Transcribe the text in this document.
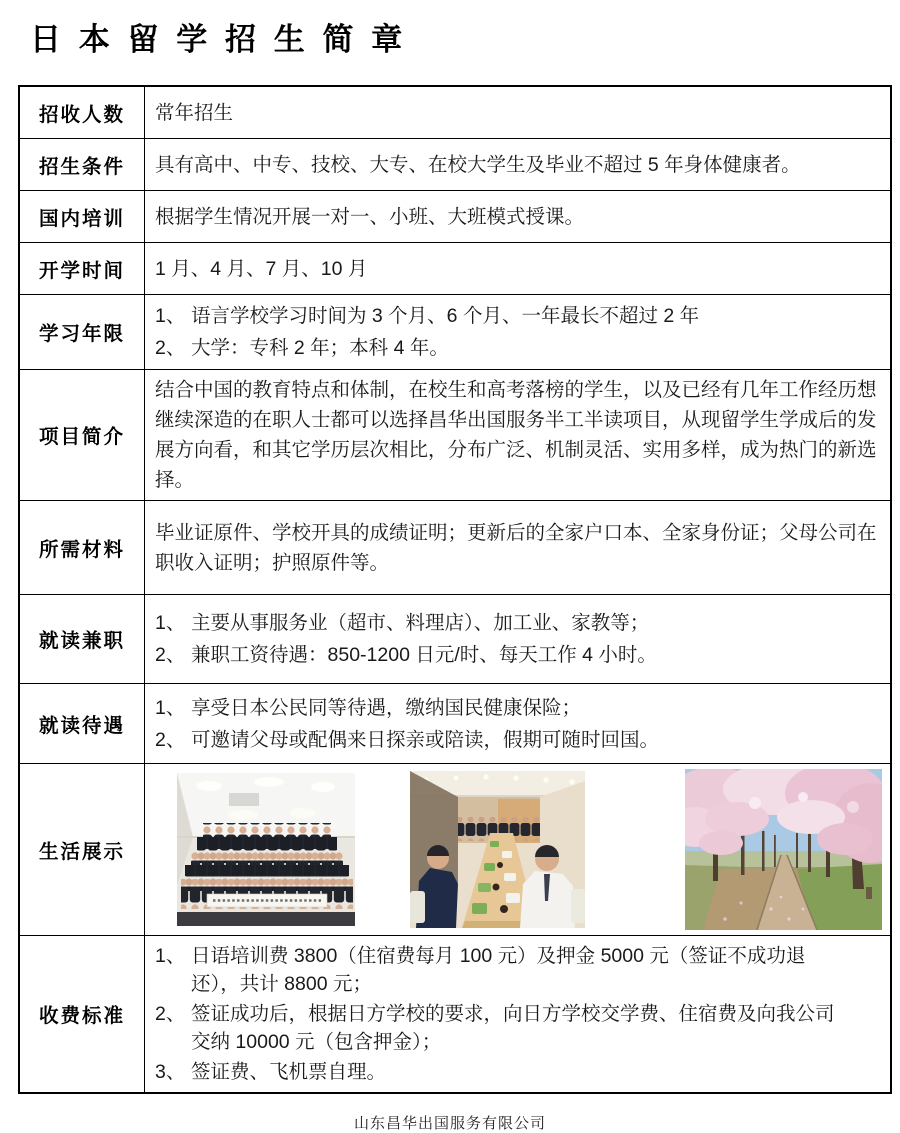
日 本 留 学 招 生 简 章
招收人数 常年招生

招生条件 具有高中、中专、技校、大专、在校大学生及毕业不超过 5 年身体健康者。

国内培训 根据学生情况开展一对一、小班、大班模式授课。

开学时间 1 月、4 月、7 月、10 月

学习年限

1、 语言学校学习时间为 3 个月、6 个月、一年最长不超过 2 年

2、 大学：专科 2 年；本科 4 年。

项目简介

结合中国的教育特点和体制，在校生和高考落榜的学生，以及已经有几年工作经历想继续深造的在职人士都可以选择昌华出国服务半工半读项目，从现留学生学成后的发展方向看，和其它学历层次相比，分布广泛、机制灵活、实用多样，成为热门的新选择。

所需材料

毕业证原件、学校开具的成绩证明；更新后的全家户口本、全家身份证；父母公司在职收入证明；护照原件等。

就读兼职

1、 主要从事服务业（超市、料理店）、加工业、家教等；

2、 兼职工资待遇：850-1200 日元/时、每天工作 4 小时。

就读待遇

1、 享受日本公民同等待遇，缴纳国民健康保险；

2、 可邀请父母或配偶来日探亲或陪读，假期可随时回国。

生活展示
收费标准

1、 日语培训费 3800（住宿费每月 100 元）及押金 5000 元（签证不成功退还），共计 8800 元；

2、 签证成功后，根据日方学校的要求，向日方学校交学费、住宿费及向我公司交纳 10000 元（包含押金）；

3、 签证费、飞机票自理。

山东昌华出国服务有限公司
